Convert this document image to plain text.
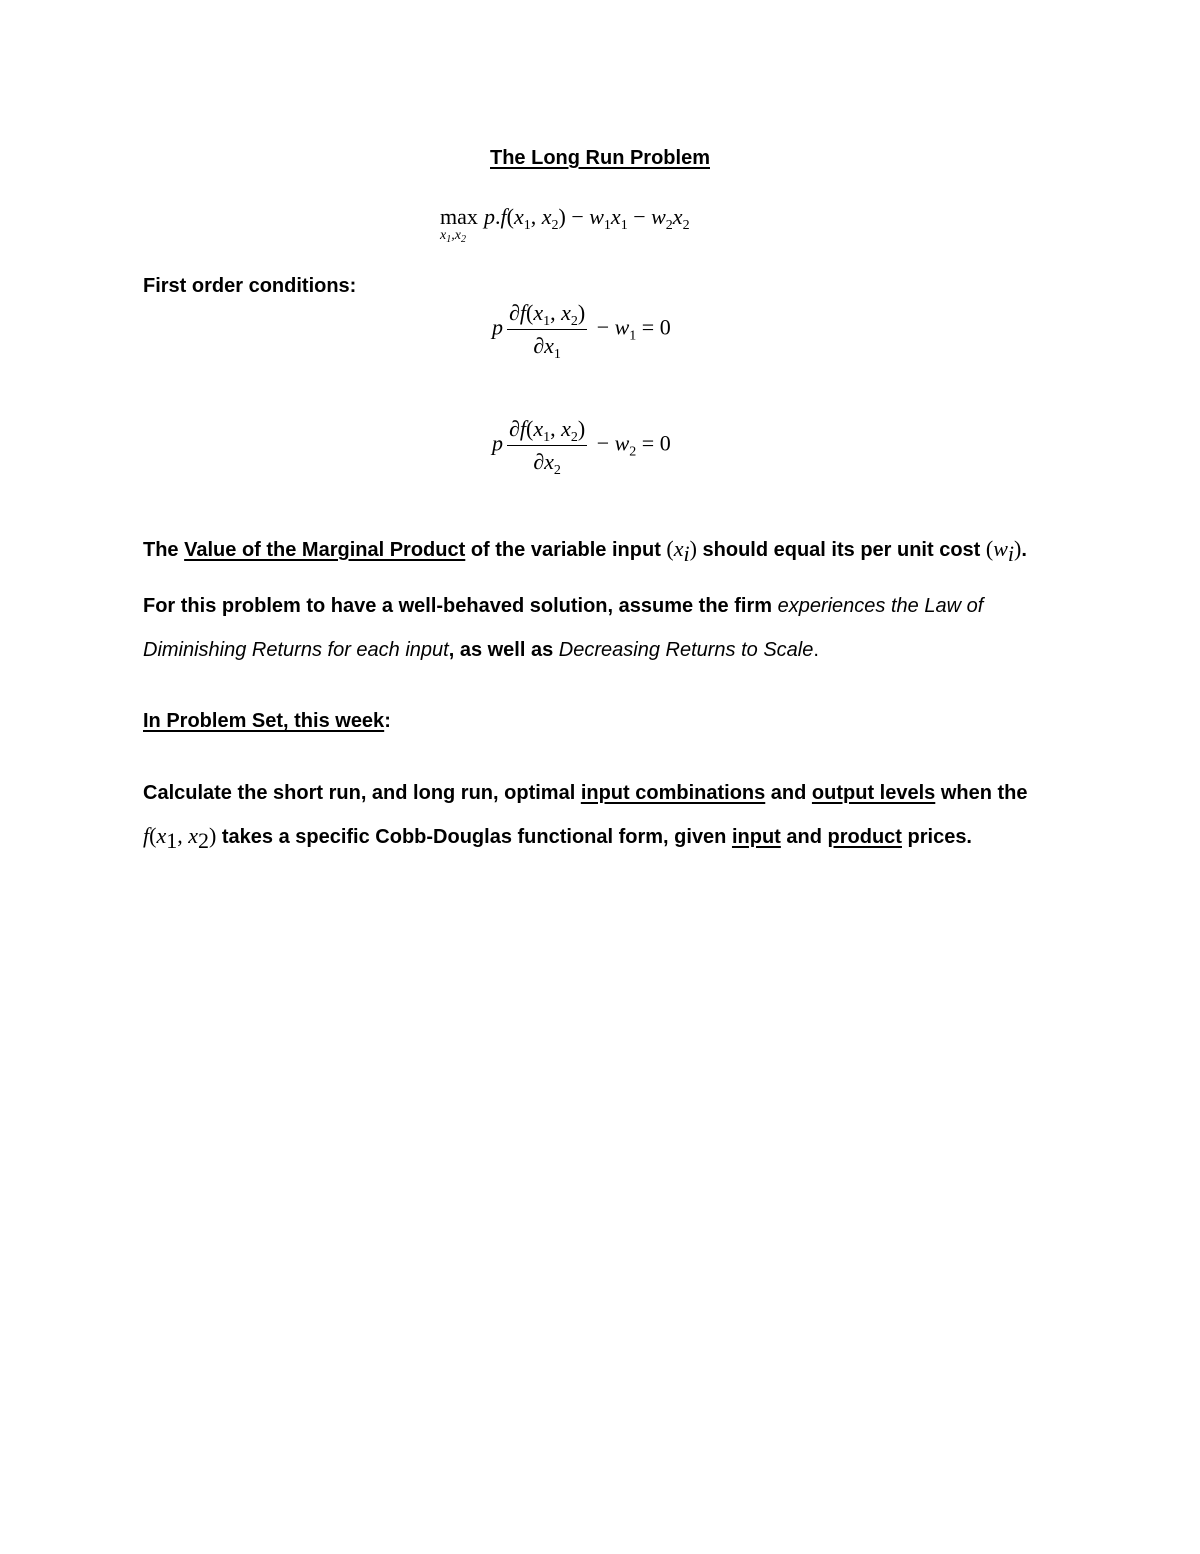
The Long Run Problem
max
$x_1,x_2$
$p.f(x_1$, $x_2) - w_1x_1 - w_2x_2$
First order conditions:
p $\frac{\partial f(x_1, x_2)}{\partial x_1} - w_1 = 0$
p $\frac{\partial f(x_1, x_2)}{\partial x_2} - w_2 = 0$
The Value of the Marginal Product of the variable input $(x_i)$ should equal its per unit cost $(w_i)$.
For this problem to have a well-behaved solution, assume the firm experiences the Law of
Diminishing Returns for each input, as well as Decreasing Returns to Scale.
In Problem Set, this week:
Calculate the short run, and long run, optimal input combinations and output levels when the
$f(x_1$, $x_2$) takes a specific Cobb-Douglas functional form, given input and product prices.
